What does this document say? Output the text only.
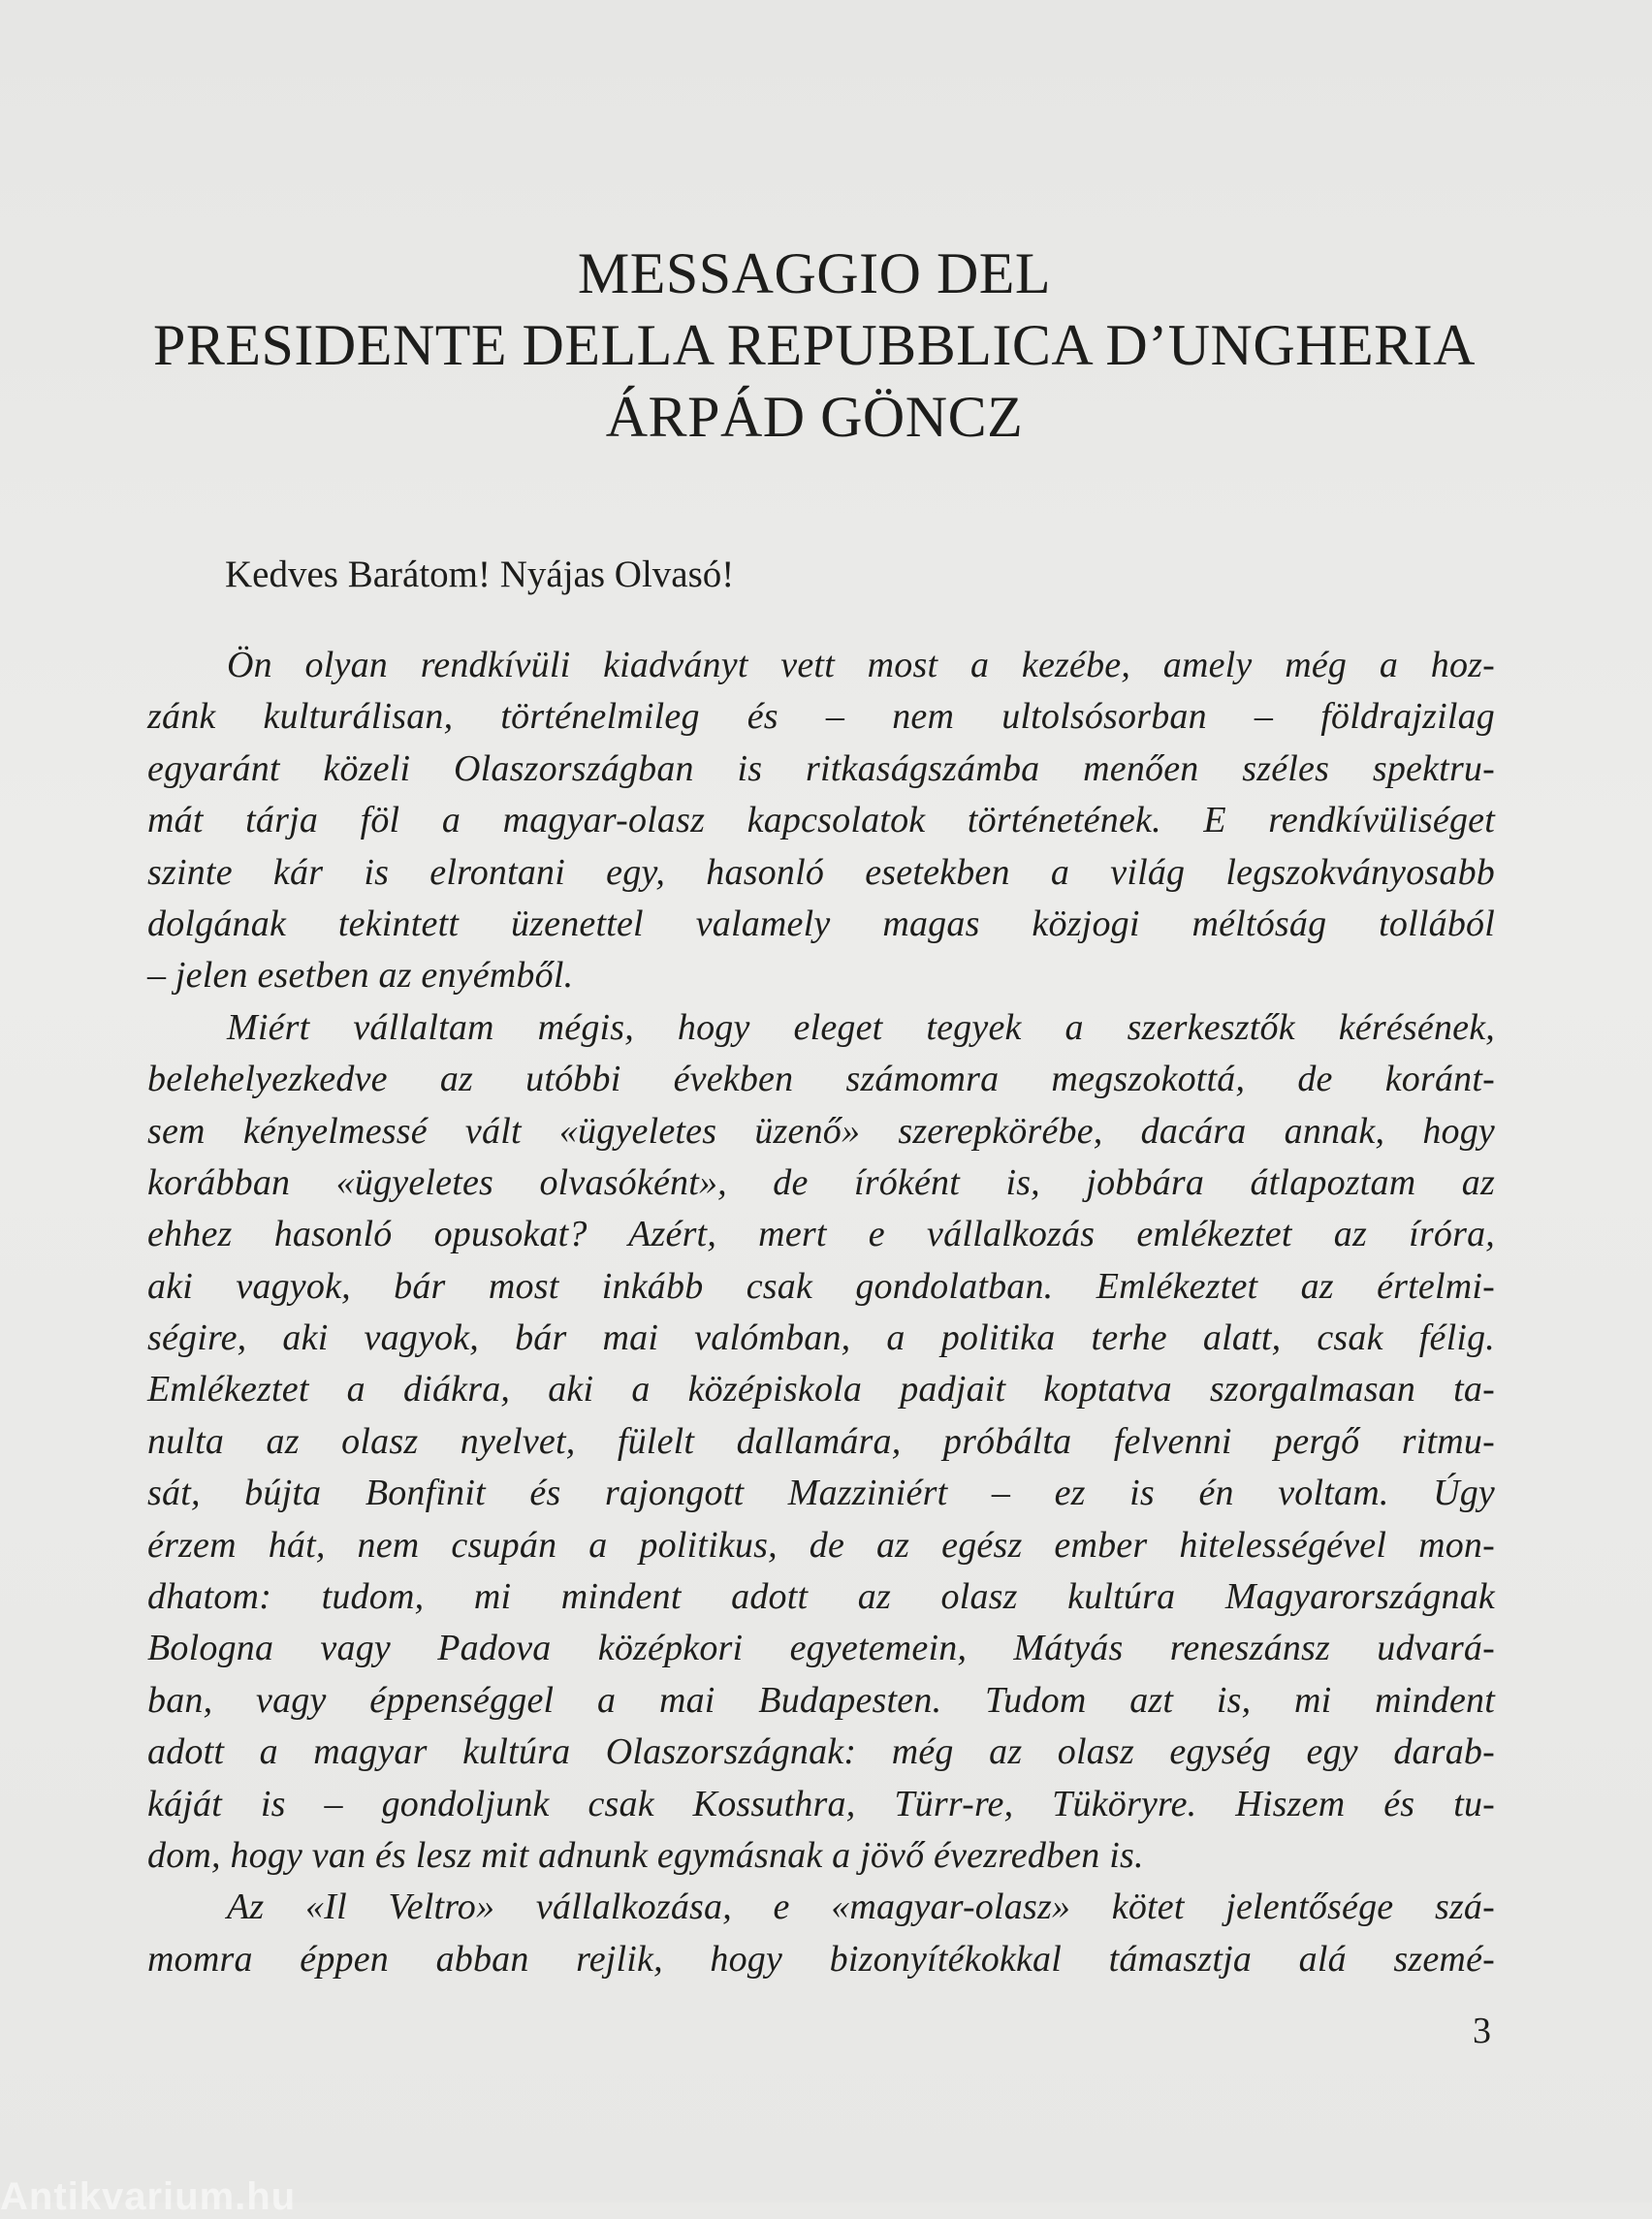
MESSAGGIO DEL

PRESIDENTE DELLA REPUBBLICA D’UNGHERIA

ÁRPÁD GÖNCZ

Kedves Barátom! Nyájas Olvasó!
Ön olyan rendkívüli kiadványt vett most a kezébe, amely még a hoz-
zánk kulturálisan, történelmileg és – nem ultolsósorban – földrajzilag
egyaránt közeli Olaszországban is ritkaságszámba menően széles spektru-
mát tárja föl a magyar-olasz kapcsolatok történetének. E rendkívüliséget
szinte kár is elrontani egy, hasonló esetekben a világ legszokványosabb
dolgának tekintett üzenettel valamely magas közjogi méltóság tollából
– jelen esetben az enyémből.
Miért vállaltam mégis, hogy eleget tegyek a szerkesztők kérésének,
belehelyezkedve az utóbbi években számomra megszokottá, de koránt-
sem kényelmessé vált «ügyeletes üzenő» szerepkörébe, dacára annak, hogy
korábban «ügyeletes olvasóként», de íróként is, jobbára átlapoztam az
ehhez hasonló opusokat? Azért, mert e vállalkozás emlékeztet az íróra,
aki vagyok, bár most inkább csak gondolatban. Emlékeztet az értelmi-
ségire, aki vagyok, bár mai valómban, a politika terhe alatt, csak félig.
Emlékeztet a diákra, aki a középiskola padjait koptatva szorgalmasan ta-
nulta az olasz nyelvet, fülelt dallamára, próbálta felvenni pergő ritmu-
sát, bújta Bonfinit és rajongott Mazziniért – ez is én voltam. Úgy
érzem hát, nem csupán a politikus, de az egész ember hitelességével mon-
dhatom: tudom, mi mindent adott az olasz kultúra Magyarországnak
Bologna vagy Padova középkori egyetemein, Mátyás reneszánsz udvará-
ban, vagy éppenséggel a mai Budapesten. Tudom azt is, mi mindent
adott a magyar kultúra Olaszországnak: még az olasz egység egy darab-
káját is – gondoljunk csak Kossuthra, Türr-re, Tüköryre. Hiszem és tu-
dom, hogy van és lesz mit adnunk egymásnak a jövő évezredben is.
Az «Il Veltro» vállalkozása, e «magyar-olasz» kötet jelentősége szá-
momra éppen abban rejlik, hogy bizonyítékokkal támasztja alá szemé-
3
Antikvarium.hu
